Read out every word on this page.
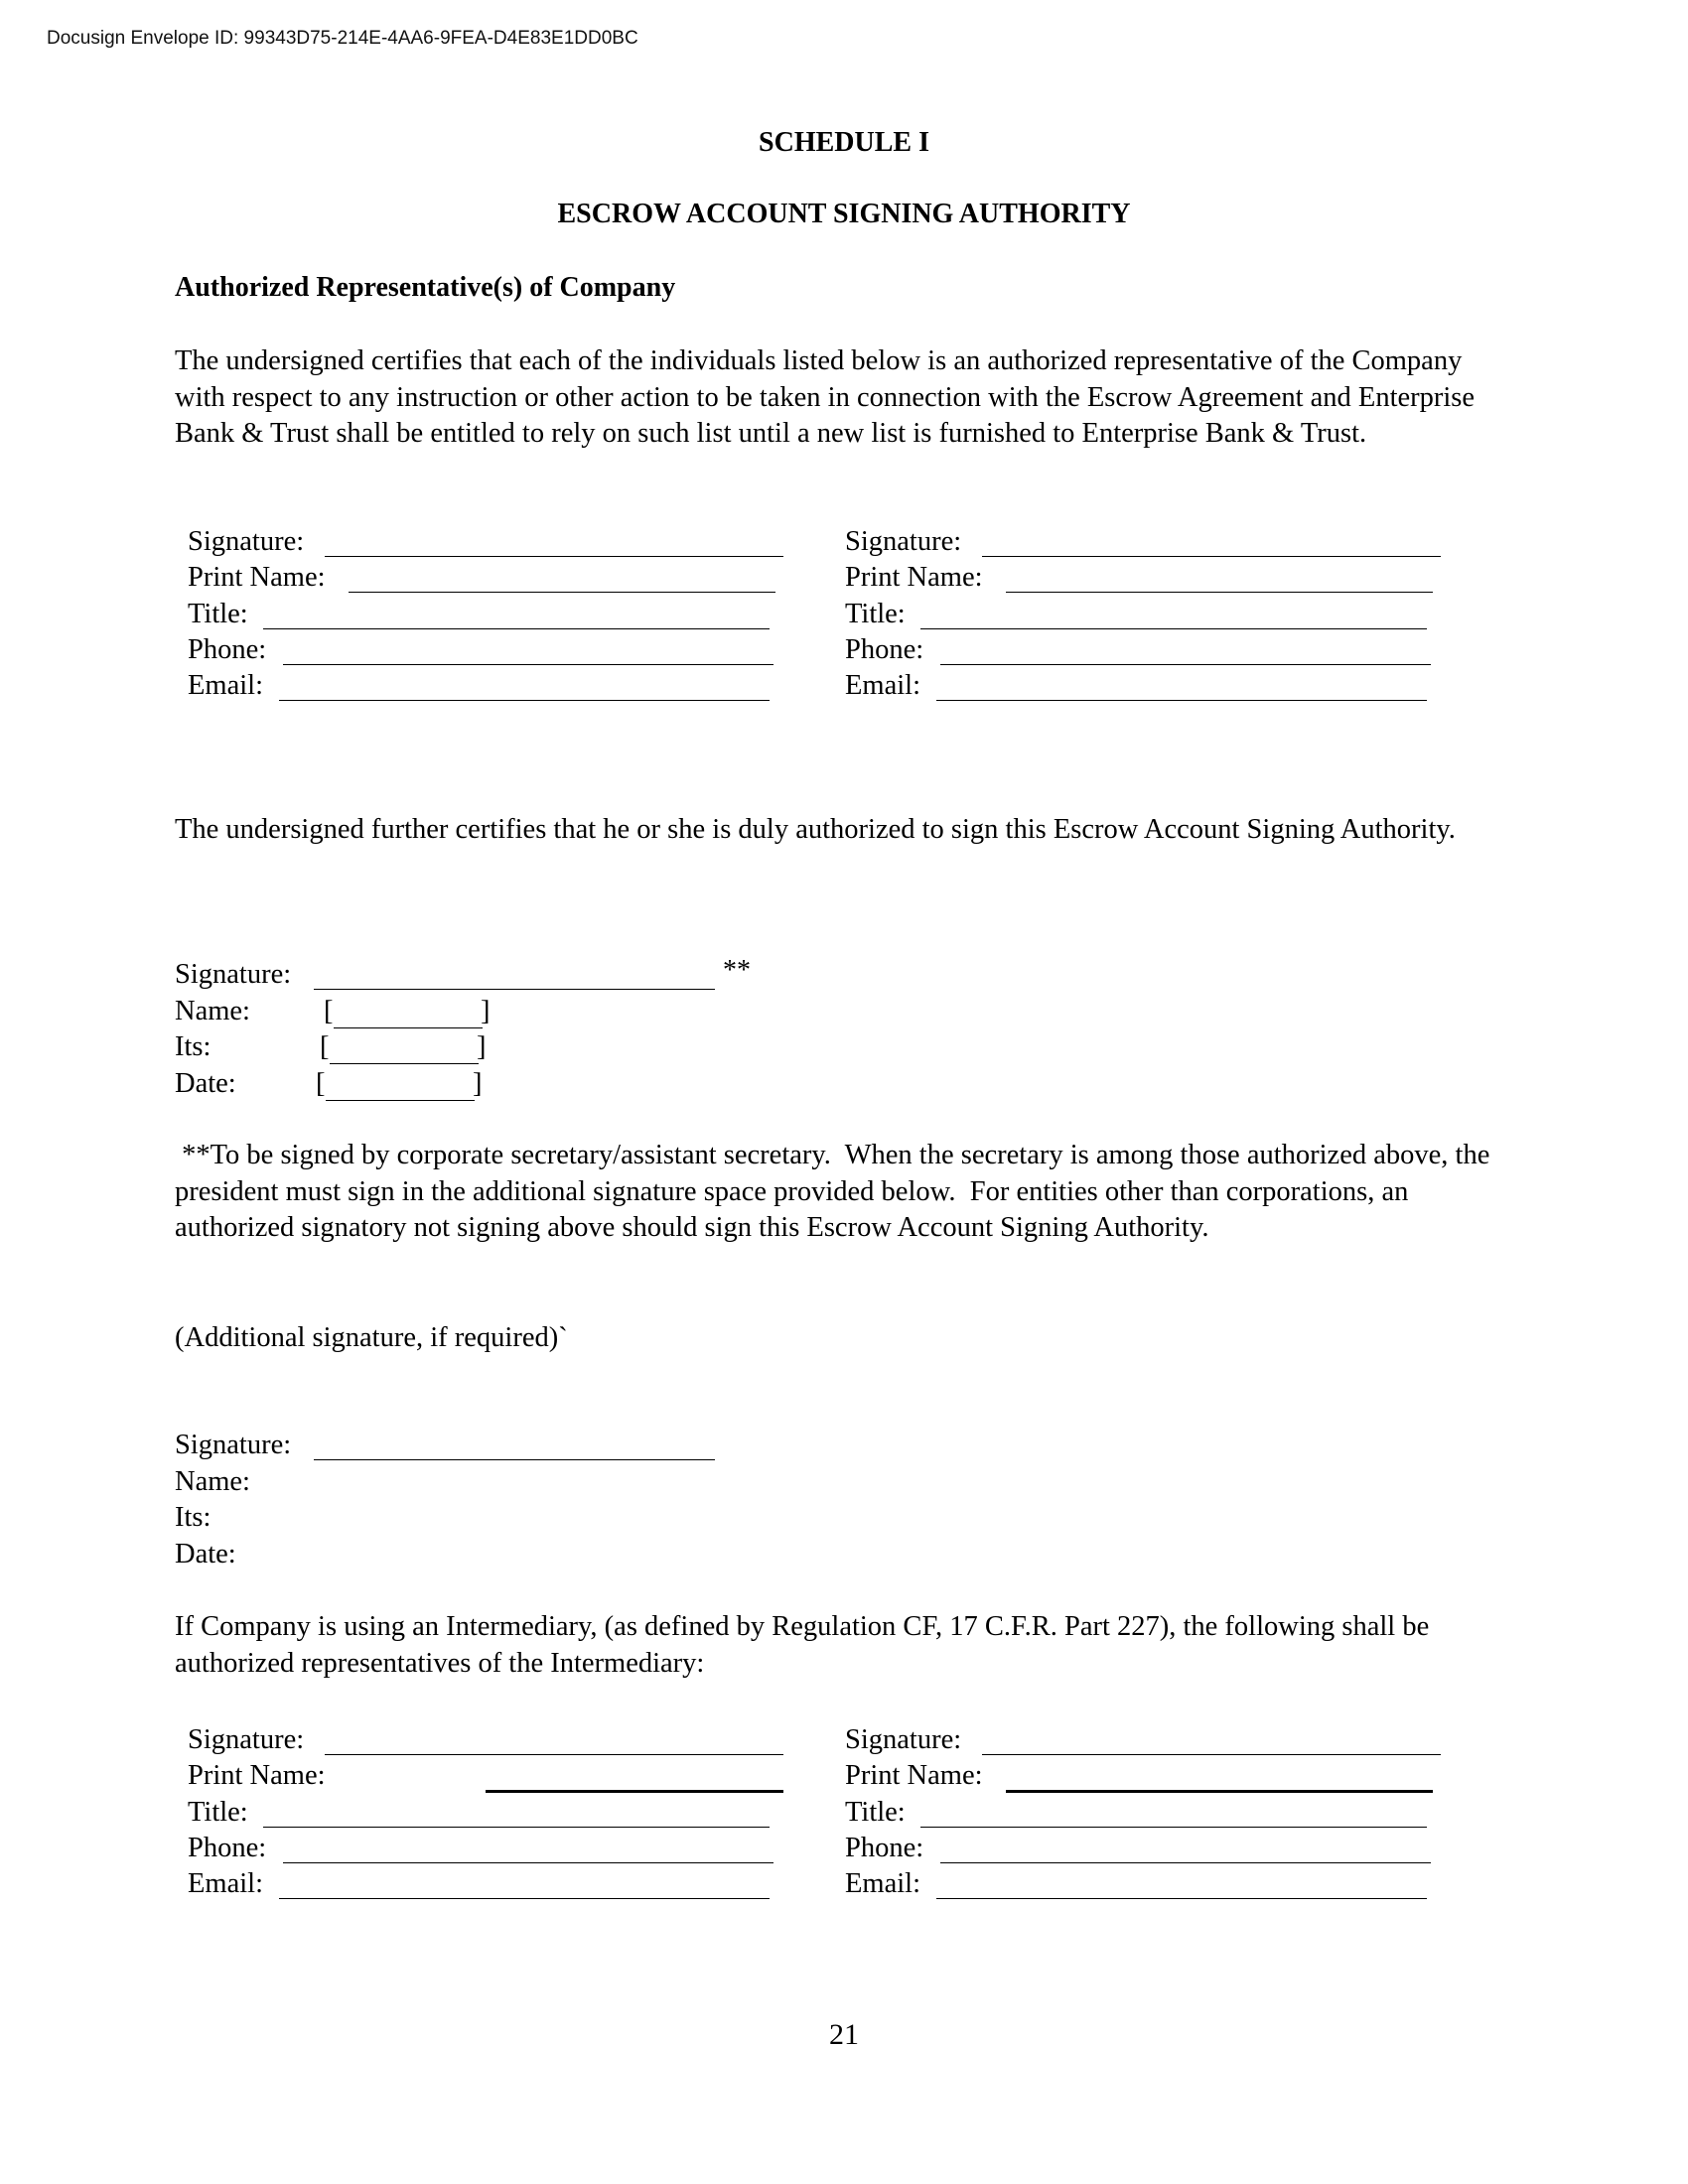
Docusign Envelope ID: 99343D75-214E-4AA6-9FEA-D4E83E1DD0BC
SCHEDULE I
ESCROW ACCOUNT SIGNING AUTHORITY
Authorized Representative(s) of Company
The undersigned certifies that each of the individuals listed below is an authorized representative of the Company with respect to any instruction or other action to be taken in connection with the Escrow Agreement and Enterprise Bank & Trust shall be entitled to rely on such list until a new list is furnished to Enterprise Bank & Trust.
Signature:
Print Name:
Title:
Phone:
Email:
Signature:
Print Name:
Title:
Phone:
Email:
The undersigned further certifies that he or she is duly authorized to sign this Escrow Account Signing Authority.
Signature:	**
Name:	[	]
Its:	[	]
Date:	[	]
**To be signed by corporate secretary/assistant secretary.  When the secretary is among those authorized above, the president must sign in the additional signature space provided below.  For entities other than corporations, an authorized signatory not signing above should sign this Escrow Account Signing Authority.
(Additional signature, if required)`
Signature:
Name:
Its:
Date:
If Company is using an Intermediary, (as defined by Regulation CF, 17 C.F.R. Part 227), the following shall be authorized representatives of the Intermediary:
Signature:
Print Name:
Title:
Phone:
Email:
Signature:
Print Name:
Title:
Phone:
Email:
21
